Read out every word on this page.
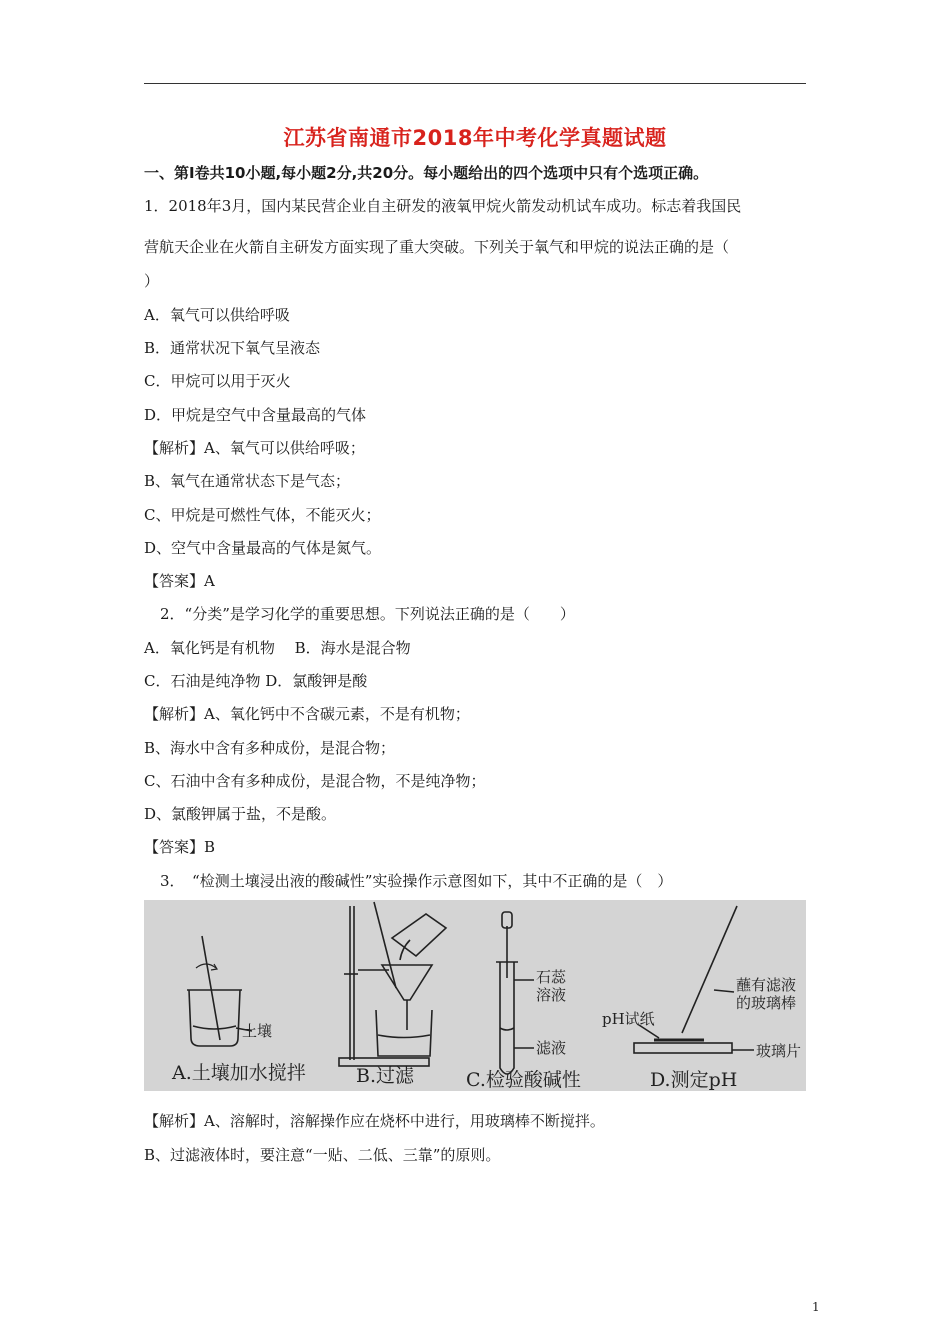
江苏省南通市2018年中考化学真题试题
一、第Ⅰ卷共10小题,每小题2分,共20分。每小题给出的四个选项中只有个选项正确。
1．2018年3月，国内某民营企业自主研发的液氧甲烷火箭发动机试车成功。标志着我国民
营航天企业在火箭自主研发方面实现了重大突破。下列关于氧气和甲烷的说法正确的是（
）
A．氧气可以供给呼吸
B．通常状况下氧气呈液态
C．甲烷可以用于灭火
D．甲烷是空气中含量最高的气体
【解析】A、氧气可以供给呼吸；
B、氧气在通常状态下是气态；
C、甲烷是可燃性气体，不能灭火；
D、空气中含量最高的气体是氮气。
【答案】A
2．“分类”是学习化学的重要思想。下列说法正确的是（　　）
A．氧化钙是有机物　 B．海水是混合物
C．石油是纯净物 D．氯酸钾是酸
【解析】A、氧化钙中不含碳元素，不是有机物；
B、海水中含有多种成份，是混合物；
C、石油中含有多种成份，是混合物，不是纯净物；
D、氯酸钾属于盐，不是酸。
【答案】B
3．　“检测土壤浸出液的酸碱性”实验操作示意图如下，其中不正确的是（　）
土壤
A.土壤加水搅拌	B.过滤
石蕊
溶液
滤液
C.检验酸碱性
pH试纸
蘸有滤液
的玻璃棒
玻璃片
D.测定pH
【解析】A、溶解时，溶解操作应在烧杯中进行，用玻璃棒不断搅拌。
B、过滤液体时，要注意“一贴、二低、三靠”的原则。
1
